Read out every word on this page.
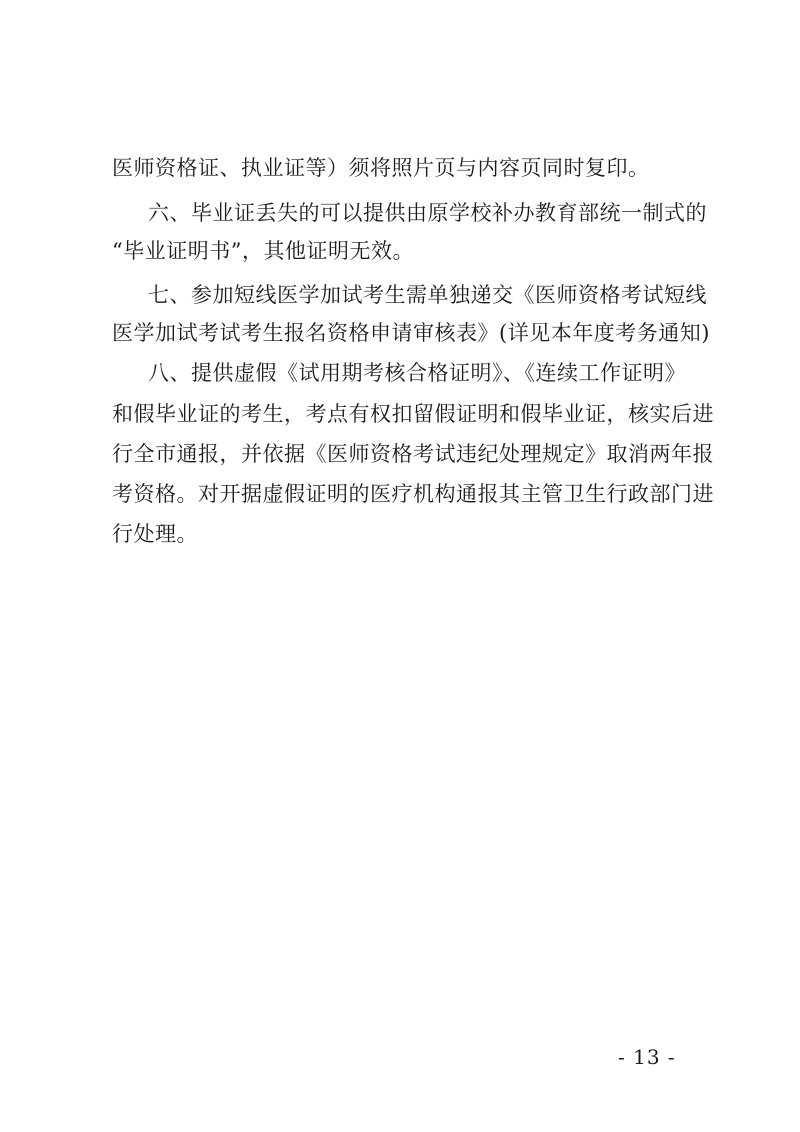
医师资格证、执业证等）须将照片页与内容页同时复印。
六、毕业证丢失的可以提供由原学校补办教育部统一制式的
“毕业证明书”，其他证明无效。
七、参加短线医学加试考生需单独递交《医师资格考试短线
医学加试考试考生报名资格申请审核表》(详见本年度考务通知)
八、提供虚假《试用期考核合格证明》、《连续工作证明》
和假毕业证的考生，考点有权扣留假证明和假毕业证，核实后进
行全市通报，并依据《医师资格考试违纪处理规定》取消两年报
考资格。对开据虚假证明的医疗机构通报其主管卫生行政部门进
行处理。
- 13 -
